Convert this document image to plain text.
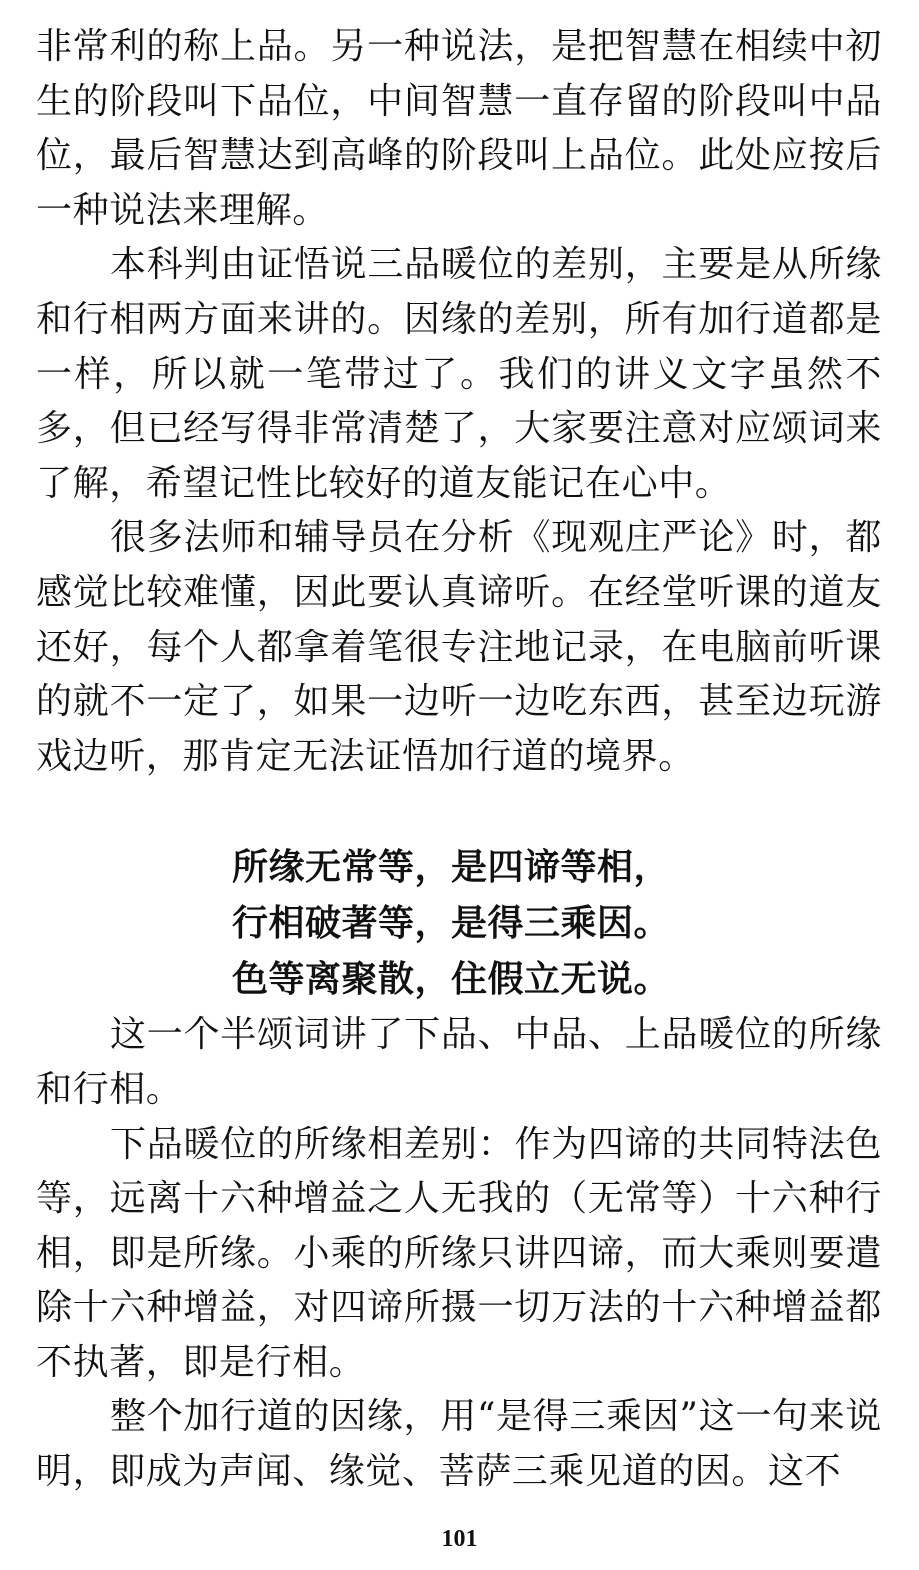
非常利的称上品。另一种说法，是把智慧在相续中初生的阶段叫下品位，中间智慧一直存留的阶段叫中品位，最后智慧达到高峰的阶段叫上品位。此处应按后一种说法来理解。

本科判由证悟说三品暖位的差别，主要是从所缘和行相两方面来讲的。因缘的差别，所有加行道都是一样，所以就一笔带过了。我们的讲义文字虽然不多，但已经写得非常清楚了，大家要注意对应颂词来了解，希望记性比较好的道友能记在心中。

很多法师和辅导员在分析《现观庄严论》时，都感觉比较难懂，因此要认真谛听。在经堂听课的道友还好，每个人都拿着笔很专注地记录，在电脑前听课的就不一定了，如果一边听一边吃东西，甚至边玩游戏边听，那肯定无法证悟加行道的境界。

所缘无常等，是四谛等相，

行相破著等，是得三乘因。

色等离聚散，住假立无说。

这一个半颂词讲了下品、中品、上品暖位的所缘和行相。

下品暖位的所缘相差别：作为四谛的共同特法色等，远离十六种增益之人无我的（无常等）十六种行相，即是所缘。小乘的所缘只讲四谛，而大乘则要遣除十六种增益，对四谛所摄一切万法的十六种增益都不执著，即是行相。

整个加行道的因缘，用“是得三乘因”这一句来说明，即成为声闻、缘觉、菩萨三乘见道的因。这不

101
